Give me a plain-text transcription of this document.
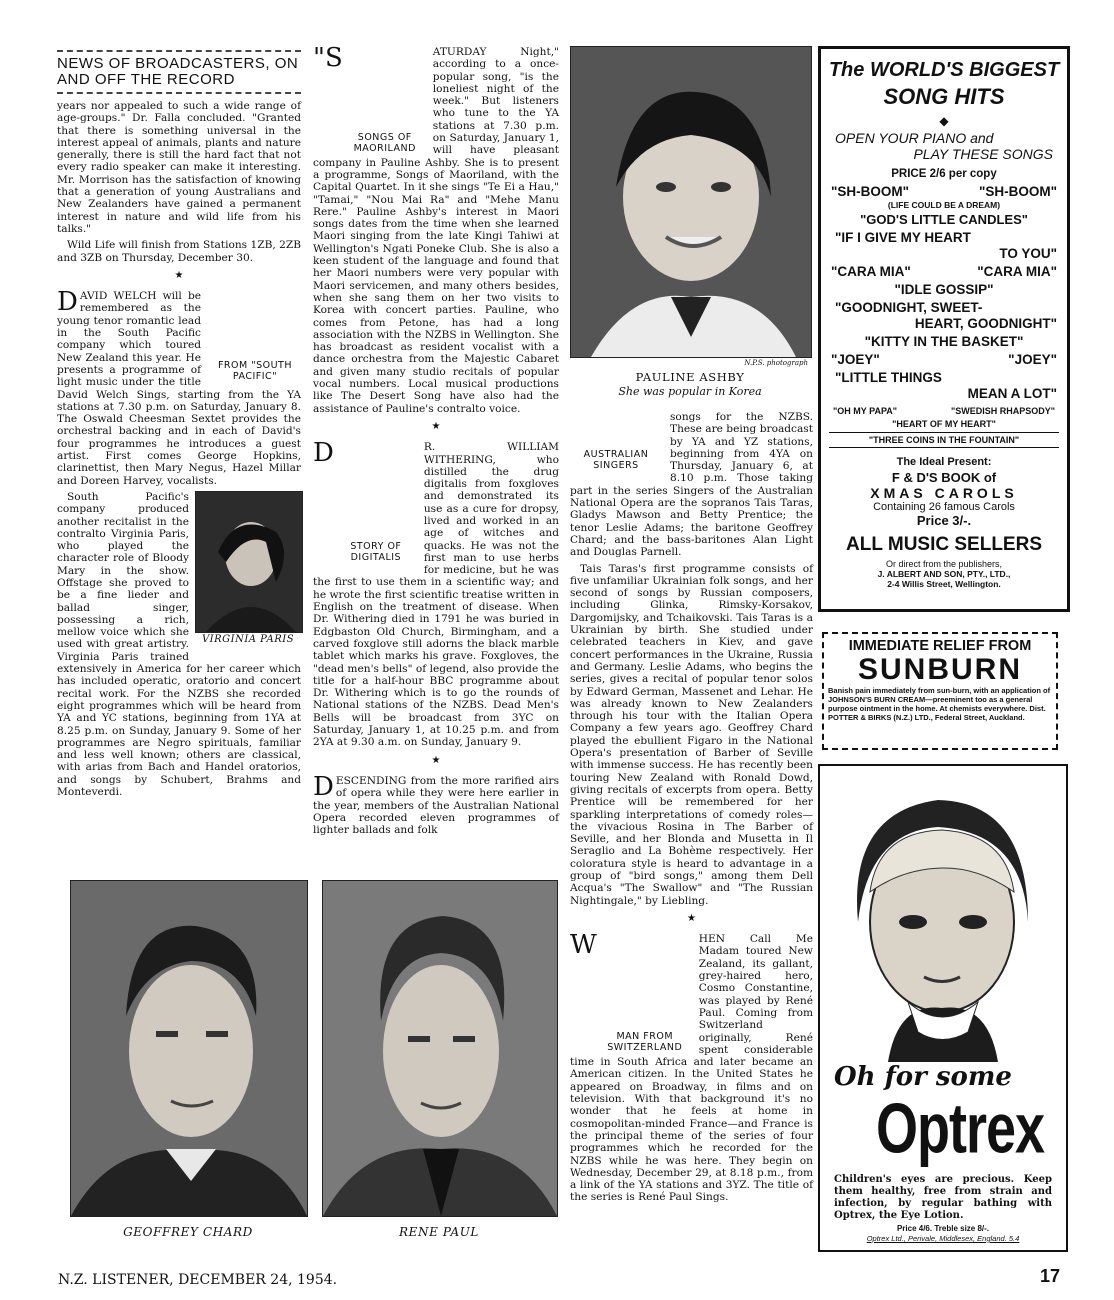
NEWS OF BROADCASTERS, ON AND OFF THE RECORD

years nor appealed to such a wide range of age-groups." Dr. Falla concluded. "Granted that there is something universal in the interest appeal of animals, plants and nature generally, there is still the hard fact that not every radio speaker can make it interesting. Mr. Morrison has the satisfaction of knowing that a generation of young Australians and New Zealanders have gained a permanent interest in nature and wild life from his talks."

Wild Life will finish from Stations 1ZB, 2ZB and 3ZB on Thursday, December 30.

★

D
FROM "SOUTH PACIFIC"
AVID WELCH will be remembered as the young tenor romantic lead in the South Pacific company which toured New Zealand this year. He presents a programme of light music under the title David Welch Sings, starting from the YA stations at 7.30 p.m. on Saturday, January 8. The Oswald Cheesman Sextet provides the orchestral backing and in each of David's four programmes he introduces a guest artist. First comes George Hopkins, clarinettist, then Mary Negus, Hazel Millar and Doreen Harvey, vocalists.

VIRGINIA PARIS

South Pacific's company produced another recitalist in the contralto Virginia Paris, who played the character role of Bloody Mary in the show. Offstage she proved to be a fine lieder and ballad singer, possessing a rich, mellow voice which she used with great artistry. Virginia Paris trained extensively in America for her career which has included operatic, oratorio and concert recital work. For the NZBS she recorded eight programmes which will be heard from YA and YC stations, beginning from 1YA at 8.25 p.m. on Sunday, January 9. Some of her programmes are Negro spirituals, familiar and less well known; others are classical, with arias from Bach and Handel oratorios, and songs by Schubert, Brahms and Monteverdi.

"S
SONGS OF MAORILAND
ATURDAY Night," according to a once-popular song, "is the loneliest night of the week." But listeners who tune to the YA stations at 7.30 p.m. on Saturday, January 1, will have pleasant company in Pauline Ashby. She is to present a programme, Songs of Maoriland, with the Capital Quartet. In it she sings "Te Ei a Hau," "Tamai," "Nou Mai Ra" and "Mehe Manu Rere." Pauline Ashby's interest in Maori songs dates from the time when she learned Maori singing from the late Kingi Tahiwi at Wellington's Ngati Poneke Club. She is also a keen student of the language and found that her Maori numbers were very popular with Maori servicemen, and many others besides, when she sang them on her two visits to Korea with concert parties. Pauline, who comes from Petone, has had a long association with the NZBS in Wellington. She has broadcast as resident vocalist with a dance orchestra from the Majestic Cabaret and given many studio recitals of popular vocal numbers. Local musical productions like The Desert Song have also had the assistance of Pauline's contralto voice.

★

D
STORY OF DIGITALIS
R. WILLIAM WITHERING, who distilled the drug digitalis from foxgloves and demonstrated its use as a cure for dropsy, lived and worked in an age of witches and quacks. He was not the first man to use herbs for medicine, but he was the first to use them in a scientific way; and he wrote the first scientific treatise written in English on the treatment of disease. When Dr. Withering died in 1791 he was buried in Edgbaston Old Church, Birmingham, and a carved foxglove still adorns the black marble tablet which marks his grave. Foxgloves, the "dead men's bells" of legend, also provide the title for a half-hour BBC programme about Dr. Withering which is to go the rounds of National stations of the NZBS. Dead Men's Bells will be broadcast from 3YC on Saturday, January 1, at 10.25 p.m. and from 2YA at 9.30 a.m. on Sunday, January 9.

★

D ESCENDING from the more rarified airs of opera while they were here earlier in the year, members of the Australian National Opera recorded eleven programmes of lighter ballads and folk

N.P.S. photograph
PAULINE ASHBY
She was popular in Korea

AUSTRALIAN SINGERS
songs for the NZBS. These are being broadcast by YA and YZ stations, beginning from 4YA on Thursday, January 6, at 8.10 p.m. Those taking part in the series Singers of the Australian National Opera are the sopranos Tais Taras, Gladys Mawson and Betty Prentice; the tenor Leslie Adams; the baritone Geoffrey Chard; and the bass-baritones Alan Light and Douglas Parnell.

Tais Taras's first programme consists of five unfamiliar Ukrainian folk songs, and her second of songs by Russian composers, including Glinka, Rimsky-Korsakov, Dargomijsky, and Tchaikovski. Tais Taras is a Ukrainian by birth. She studied under celebrated teachers in Kiev, and gave concert performances in the Ukraine, Russia and Germany. Leslie Adams, who begins the series, gives a recital of popular tenor solos by Edward German, Massenet and Lehar. He was already known to New Zealanders through his tour with the Italian Opera Company a few years ago. Geoffrey Chard played the ebullient Figaro in the National Opera's presentation of Barber of Seville with immense success. He has recently been touring New Zealand with Ronald Dowd, giving recitals of excerpts from opera. Betty Prentice will be remembered for her sparkling interpretations of comedy roles—the vivacious Rosina in The Barber of Seville, and her Blonda and Musetta in Il Seraglio and La Bohème respectively. Her coloratura style is heard to advantage in a group of "bird songs," among them Dell Acqua's "The Swallow" and "The Russian Nightingale," by Liebling.

★

W
MAN FROM SWITZERLAND
HEN Call Me Madam toured New Zealand, its gallant, grey-haired hero, Cosmo Constantine, was played by René Paul. Coming from Switzerland originally, René spent considerable time in South Africa and later became an American citizen. In the United States he appeared on Broadway, in films and on television. With that background it's no wonder that he feels at home in cosmopolitan-minded France—and France is the principal theme of the series of four programmes which he recorded for the NZBS while he was here. They begin on Wednesday, December 29, at 8.18 p.m., from a link of the YA stations and 3YZ. The title of the series is René Paul Sings.

GEOFFREY CHARD	RENE PAUL
The WORLD'S BIGGEST
SONG HITS
◆
OPEN YOUR PIANO and
PLAY THESE SONGS
PRICE 2/6 per copy
"SH-BOOM"	"SH-BOOM"
(LIFE COULD BE A DREAM)
"GOD'S LITTLE CANDLES"
"IF I GIVE MY HEART
TO YOU"
"CARA MIA"	"CARA MIA"
"IDLE GOSSIP"
"GOODNIGHT, SWEET-
HEART, GOODNIGHT"
"KITTY IN THE BASKET"
"JOEY"	"JOEY"
"LITTLE THINGS
MEAN A LOT"
"OH MY PAPA"	"SWEDISH RHAPSODY"
"HEART OF MY HEART"
"THREE COINS IN THE FOUNTAIN"
The Ideal Present:
F & D'S BOOK of
XMAS CAROLS
Containing 26 famous Carols
Price 3/-.
ALL MUSIC SELLERS
Or direct from the publishers,
J. ALBERT AND SON, PTY., LTD.,
2-4 Willis Street, Wellington.
IMMEDIATE RELIEF FROM
SUNBURN
Banish pain immediately from sun-burn, with an application of JOHNSON'S BURN CREAM—preeminent too as a general purpose ointment in the home. At chemists everywhere. Dist. POTTER & BIRKS (N.Z.) LTD., Federal Street, Auckland.
Oh for some
Optrex
Children's eyes are precious. Keep them healthy, free from strain and infection, by regular bathing with Optrex, the Eye Lotion.
Price 4/6. Treble size 8/-.
Optrex Ltd., Perivale, Middlesex, England. 5.4
N.Z. LISTENER, DECEMBER 24, 1954.	17
